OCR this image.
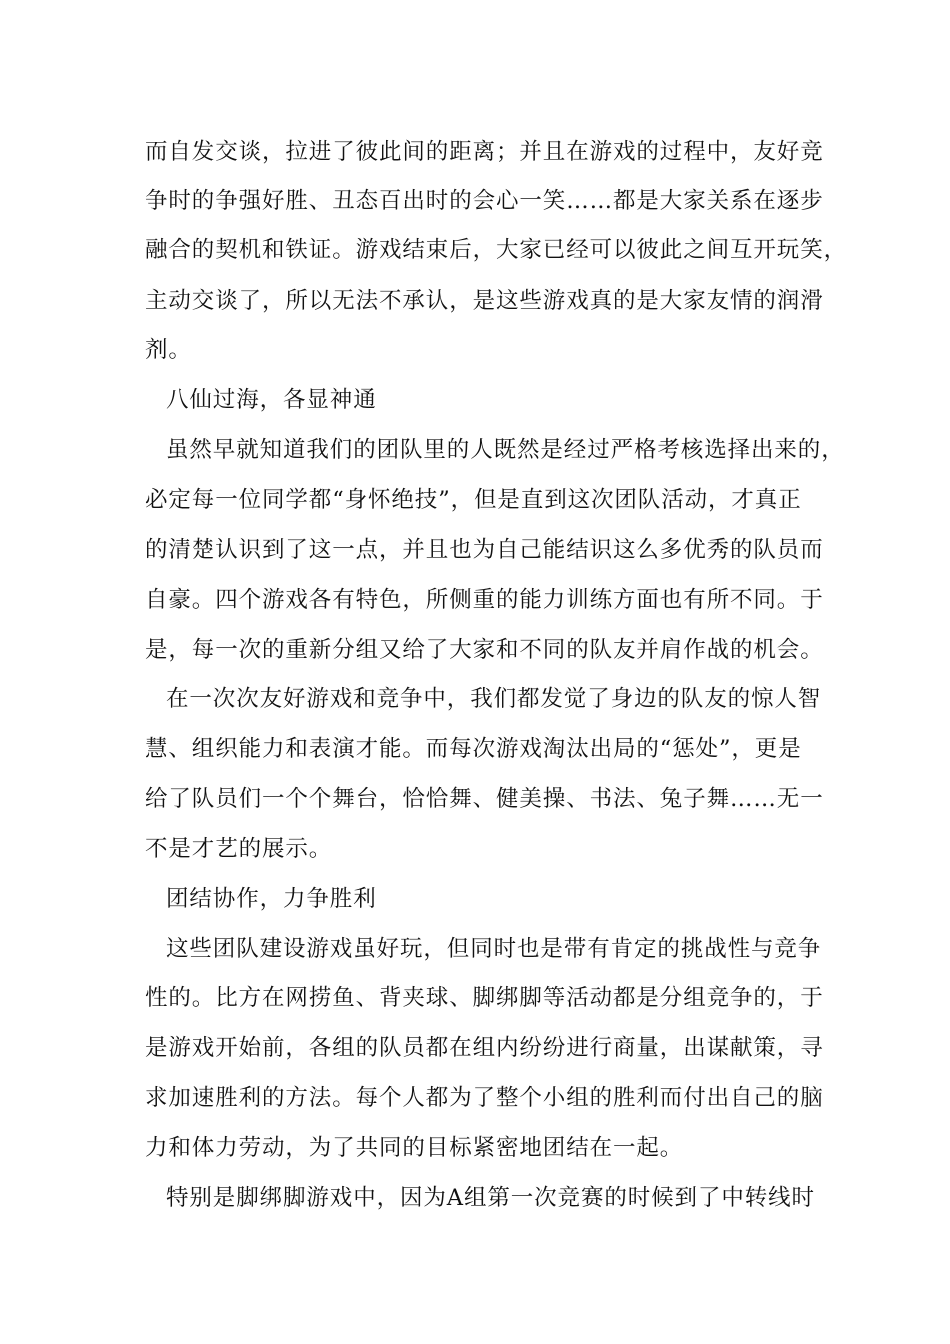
而自发交谈，拉进了彼此间的距离；并且在游戏的过程中，友好竞
争时的争强好胜、丑态百出时的会心一笑……都是大家关系在逐步
融合的契机和铁证。游戏结束后，大家已经可以彼此之间互开玩笑，
主动交谈了，所以无法不承认，是这些游戏真的是大家友情的润滑
剂。
八仙过海，各显神通
虽然早就知道我们的团队里的人既然是经过严格考核选择出来的，
必定每一位同学都“身怀绝技”，但是直到这次团队活动，才真正
的清楚认识到了这一点，并且也为自己能结识这么多优秀的队员而
自豪。四个游戏各有特色，所侧重的能力训练方面也有所不同。于
是，每一次的重新分组又给了大家和不同的队友并肩作战的机会。
在一次次友好游戏和竞争中，我们都发觉了身边的队友的惊人智
慧、组织能力和表演才能。而每次游戏淘汰出局的“惩处”，更是
给了队员们一个个舞台，恰恰舞、健美操、书法、兔子舞……无一
不是才艺的展示。
团结协作，力争胜利
这些团队建设游戏虽好玩，但同时也是带有肯定的挑战性与竞争
性的。比方在网捞鱼、背夹球、脚绑脚等活动都是分组竞争的，于
是游戏开始前，各组的队员都在组内纷纷进行商量，出谋献策，寻
求加速胜利的方法。每个人都为了整个小组的胜利而付出自己的脑
力和体力劳动，为了共同的目标紧密地团结在一起。
特别是脚绑脚游戏中，因为A组第一次竞赛的时候到了中转线时
